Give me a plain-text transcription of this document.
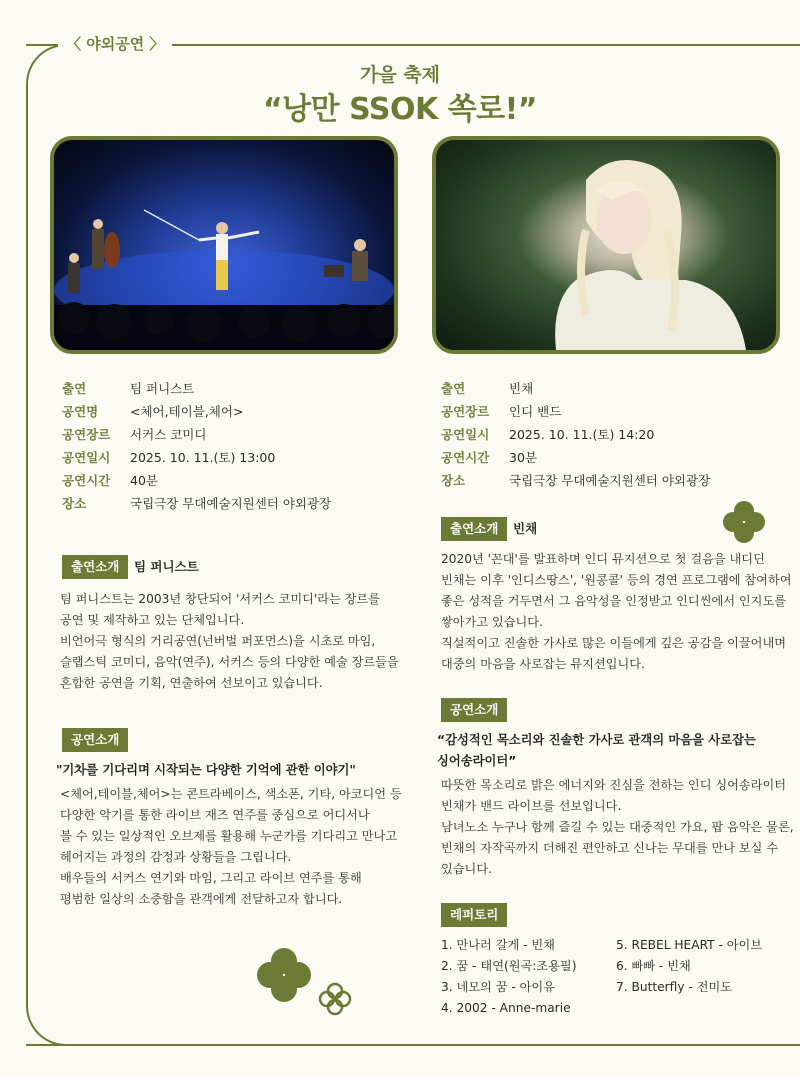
〈 야외공연 〉
가을 축제
“낭만 SSOK 쏙로!”
출연	팀 퍼니스트
공연명	<체어,테이블,체어>
공연장르	서커스 코미디
공연일시	2025. 10. 11.(토) 13:00
공연시간	40분
장소	국립극장 무대예술지원센터 야외광장
출연소개	팀 퍼니스트
팀 퍼니스트는 2003년 창단되어 '서커스 코미디'라는 장르를
공연 및 제작하고 있는 단체입니다.
비언어극 형식의 거리공연(넌버벌 퍼포먼스)을 시초로 마임,
슬랩스틱 코미디, 음악(연주), 서커스 등의 다양한 예술 장르들을
혼합한 공연을 기획, 연출하여 선보이고 있습니다.
공연소개
"기차를 기다리며 시작되는 다양한 기억에 관한 이야기"
<체어,테이블,체어>는 콘트라베이스, 색소폰, 기타, 아코디언 등
다양한 악기를 통한 라이브 재즈 연주를 중심으로 어디서나
볼 수 있는 일상적인 오브제를 활용해 누군가를 기다리고 만나고
헤어지는 과정의 감정과 상황들을 그립니다.
배우들의 서커스 연기와 마임, 그리고 라이브 연주를 통해
평범한 일상의 소중함을 관객에게 전달하고자 합니다.
출연	빈채
공연장르	인디 밴드
공연일시	2025. 10. 11.(토) 14:20
공연시간	30분
장소	국립극장 무대예술지원센터 야외광장
출연소개	빈채
2020년 '꼰대'를 발표하며 인디 뮤지션으로 첫 걸음을 내디딘
빈채는 이후 '인디스땅스', '원콩콜' 등의 경연 프로그램에 참여하여
좋은 성적을 거두면서 그 음악성을 인정받고 인디씬에서 인지도를
쌓아가고 있습니다.
직설적이고 진솔한 가사로 많은 이들에게 깊은 공감을 이끌어내며
대중의 마음을 사로잡는 뮤지션입니다.
공연소개
“감성적인 목소리와 진솔한 가사로 관객의 마음을 사로잡는
싱어송라이터”
따뜻한 목소리로 밝은 에너지와 진심을 전하는 인디 싱어송라이터
빈채가 밴드 라이브를 선보입니다.
남녀노소 누구나 함께 즐길 수 있는 대중적인 가요, 팝 음악은 물론,
빈채의 자작곡까지 더해진 편안하고 신나는 무대를 만나 보실 수
있습니다.
레퍼토리
1. 만나러 갈게 - 빈채
2. 꿈 - 태연(원곡:조용필)
3. 네모의 꿈 - 아이유
4. 2002 - Anne-marie
5. REBEL HEART - 아이브
6. 빠빠 - 빈채
7. Butterfly - 전미도
